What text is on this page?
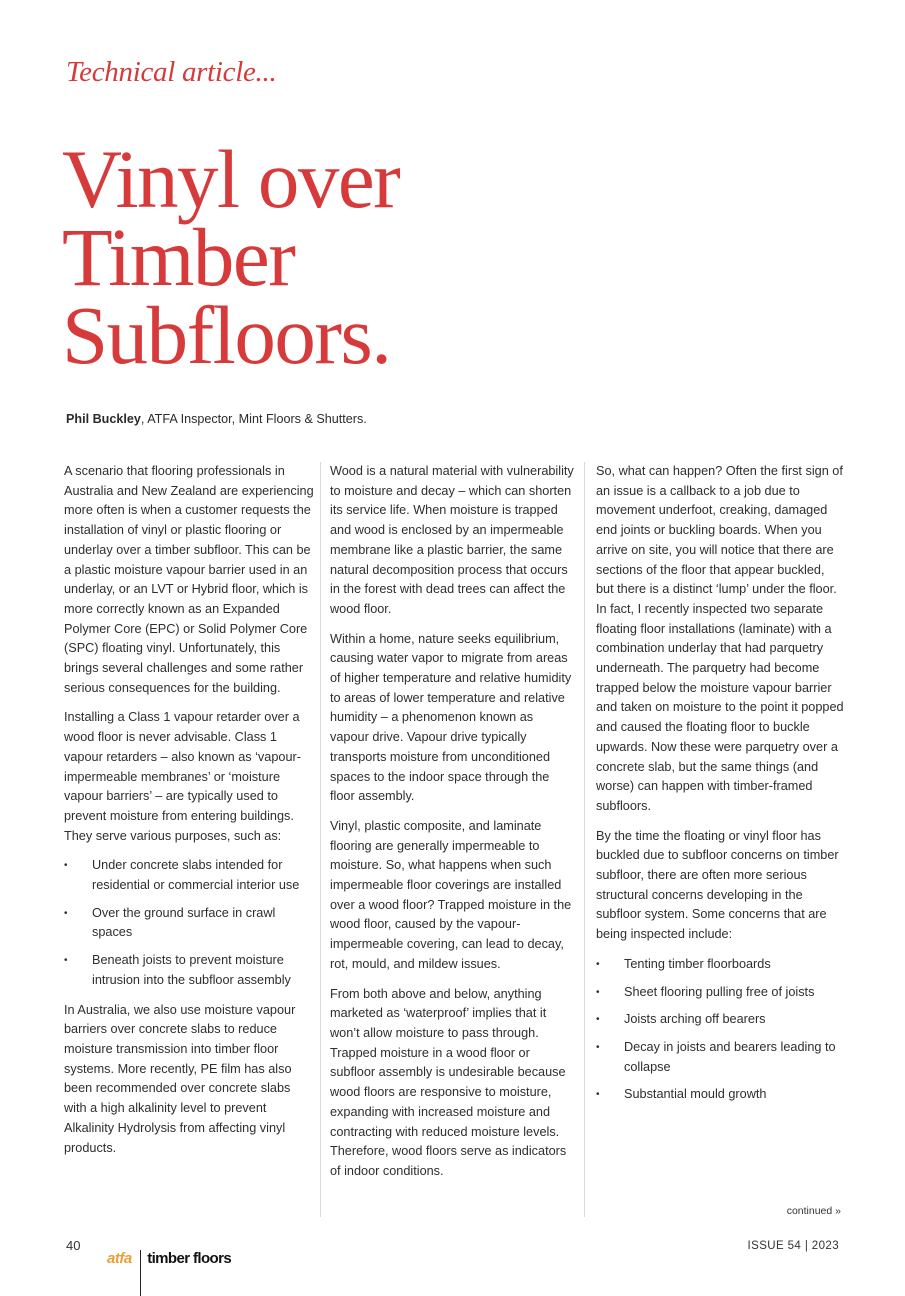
Technical article...
Vinyl over
Timber
Subfloors.
Phil Buckley, ATFA Inspector, Mint Floors & Shutters.

A scenario that flooring professionals in Australia and New Zealand are experiencing more often is when a customer requests the installation of vinyl or plastic flooring or underlay over a timber subfloor. This can be a plastic moisture vapour barrier used in an underlay, or an LVT or Hybrid floor, which is more correctly known as an Expanded Polymer Core (EPC) or Solid Polymer Core (SPC) floating vinyl. Unfortunately, this brings several challenges and some rather serious consequences for the building.

Installing a Class 1 vapour retarder over a wood floor is never advisable. Class 1 vapour retarders – also known as ‘vapour-impermeable membranes’ or ‘moisture vapour barriers’ – are typically used to prevent moisture from entering buildings. They serve various purposes, such as:

• Under concrete slabs intended for residential or commercial interior use
• Over the ground surface in crawl spaces
• Beneath joists to prevent moisture intrusion into the subfloor assembly

In Australia, we also use moisture vapour barriers over concrete slabs to reduce moisture transmission into timber floor systems. More recently, PE film has also been recommended over concrete slabs with a high alkalinity level to prevent Alkalinity Hydrolysis from affecting vinyl products.

Wood is a natural material with vulnerability to moisture and decay – which can shorten its service life. When moisture is trapped and wood is enclosed by an impermeable membrane like a plastic barrier, the same natural decomposition process that occurs in the forest with dead trees can affect the wood floor.

Within a home, nature seeks equilibrium, causing water vapor to migrate from areas of higher temperature and relative humidity to areas of lower temperature and relative humidity – a phenomenon known as vapour drive. Vapour drive typically transports moisture from unconditioned spaces to the indoor space through the floor assembly.

Vinyl, plastic composite, and laminate flooring are generally impermeable to moisture. So, what happens when such impermeable floor coverings are installed over a wood floor? Trapped moisture in the wood floor, caused by the vapour-impermeable covering, can lead to decay, rot, mould, and mildew issues.

From both above and below, anything marketed as ‘waterproof’ implies that it won’t allow moisture to pass through. Trapped moisture in a wood floor or subfloor assembly is undesirable because wood floors are responsive to moisture, expanding with increased moisture and contracting with reduced moisture levels. Therefore, wood floors serve as indicators of indoor conditions.

So, what can happen? Often the first sign of an issue is a callback to a job due to movement underfoot, creaking, damaged end joints or buckling boards. When you arrive on site, you will notice that there are sections of the floor that appear buckled, but there is a distinct ‘lump’ under the floor. In fact, I recently inspected two separate floating floor installations (laminate) with a combination underlay that had parquetry underneath. The parquetry had become trapped below the moisture vapour barrier and taken on moisture to the point it popped and caused the floating floor to buckle upwards. Now these were parquetry over a concrete slab, but the same things (and worse) can happen with timber-framed subfloors.

By the time the floating or vinyl floor has buckled due to subfloor concerns on timber subfloor, there are often more serious structural concerns developing in the subfloor system. Some concerns that are being inspected include:

• Tenting timber floorboards
• Sheet flooring pulling free of joists
• Joists arching off bearers
• Decay in joists and bearers leading to collapse
• Substantial mould growth
continued »
40
atfa timber floors
ISSUE 54 | 2023
